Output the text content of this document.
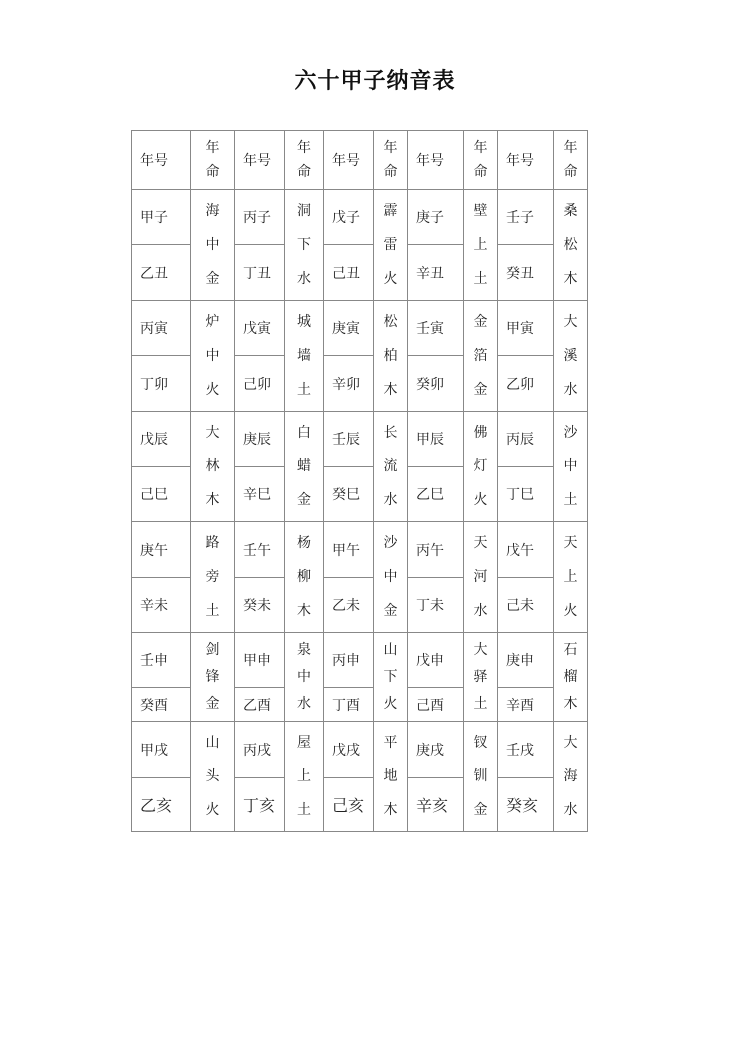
六十甲子纳音表
年号
年
命
甲子
乙丑
海
中
金
丙寅
丁卯
炉
中
火
戊辰
己巳
大
林
木
庚午
辛未
路
旁
土
壬申
癸酉
剑
锋
金
甲戌
乙亥
山
头
火
年号
年
命
丙子
丁丑
洞
下
水
戊寅
己卯
城
墙
土
庚辰
辛巳
白
蜡
金
壬午
癸未
杨
柳
木
甲申
乙酉
泉
中
水
丙戌
丁亥
屋
上
土
年号
年
命
戊子
己丑
霹
雷
火
庚寅
辛卯
松
柏
木
壬辰
癸巳
长
流
水
甲午
乙未
沙
中
金
丙申
丁酉
山
下
火
戊戌
己亥
平
地
木
年号
年
命
庚子
辛丑
壁
上
土
壬寅
癸卯
金
箔
金
甲辰
乙巳
佛
灯
火
丙午
丁未
天
河
水
戊申
己酉
大
驿
土
庚戌
辛亥
钗
钏
金
年号
年
命
壬子
癸丑
桑
松
木
甲寅
乙卯
大
溪
水
丙辰
丁巳
沙
中
土
戊午
己未
天
上
火
庚申
辛酉
石
榴
木
壬戌
癸亥
大
海
水
